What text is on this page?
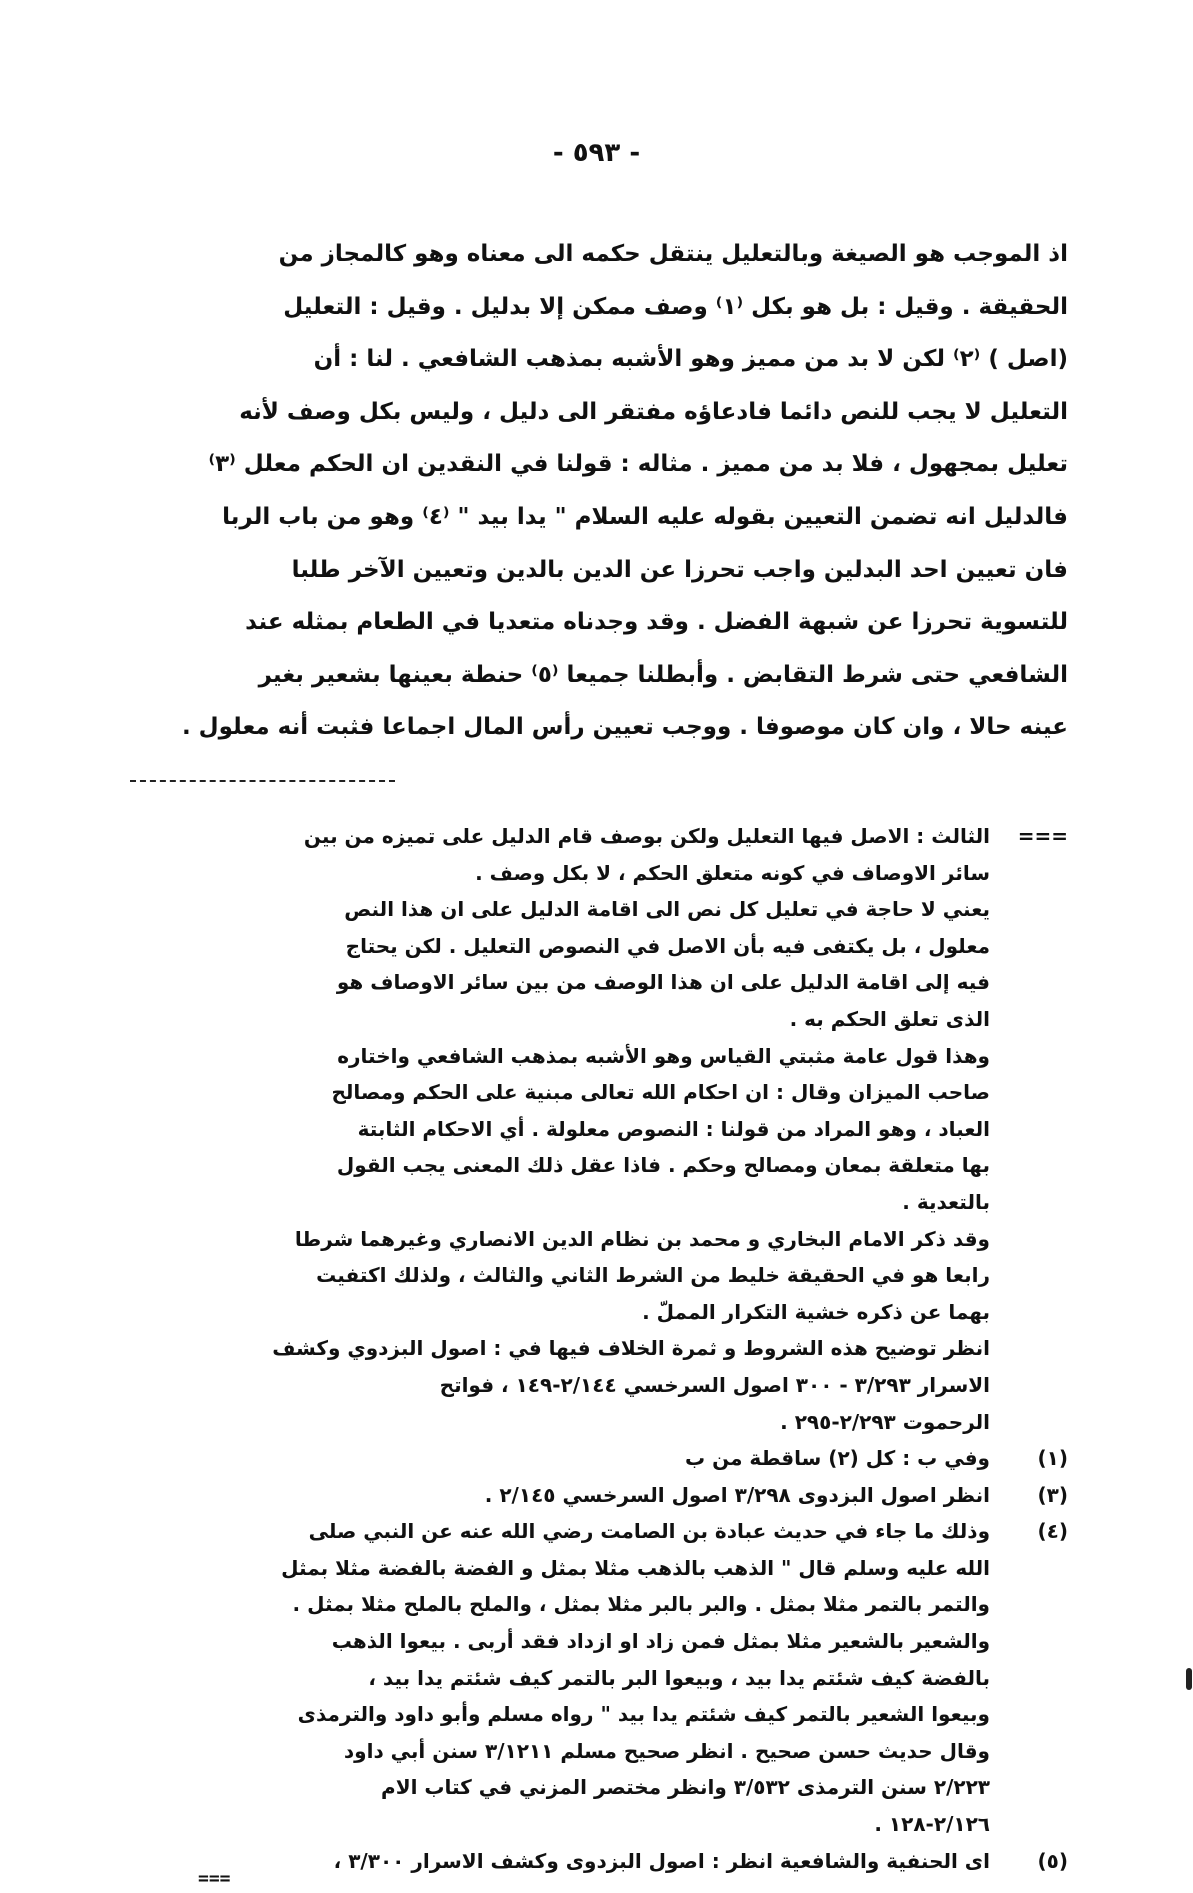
- ٥٩٣ -
اذ الموجب هو الصيغة وبالتعليل ينتقل حكمه الى معناه وهو كالمجاز من
الحقيقة . وقيل : بل هو بكل ⁽١⁾ وصف ممكن إلا بدليل . وقيل : التعليل
(اصل ) ⁽٢⁾ لكن لا بد من مميز وهو الأشبه بمذهب الشافعي . لنا : أن
التعليل لا يجب للنص دائما فادعاؤه مفتقر الى دليل ، وليس بكل وصف لأنه
تعليل بمجهول ، فلا بد من مميز . مثاله : قولنا في النقدين ان الحكم معلل ⁽٣⁾
فالدليل انه تضمن التعيين بقوله عليه السلام " يدا بيد " ⁽٤⁾ وهو من باب الربا
فان تعيين احد البدلين واجب تحرزا عن الدين بالدين وتعيين الآخر طلبا
للتسوية تحرزا عن شبهة الفضل . وقد وجدناه متعديا في الطعام بمثله عند
الشافعي حتى شرط التقابض . وأبطلنا جميعا ⁽٥⁾ حنطة بعينها بشعير بغير
عينه حالا ، وان كان موصوفا . ووجب تعيين رأس المال اجماعا فثبت أنه معلول .
===
الثالث : الاصل فيها التعليل ولكن بوصف قام الدليل على تميزه من بين
سائر الاوصاف في كونه متعلق الحكم ، لا بكل وصف .
يعني لا حاجة في تعليل كل نص الى اقامة الدليل على ان هذا النص
معلول ، بل يكتفى فيه بأن الاصل في النصوص التعليل . لكن يحتاج
فيه إلى اقامة الدليل على ان هذا الوصف من بين سائر الاوصاف هو
الذى تعلق الحكم به .
وهذا قول عامة مثبتي القياس وهو الأشبه بمذهب الشافعي واختاره
صاحب الميزان وقال : ان احكام الله تعالى مبنية على الحكم ومصالح
العباد ، وهو المراد من قولنا : النصوص معلولة . أي الاحكام الثابتة
بها متعلقة بمعان ومصالح وحكم . فاذا عقل ذلك المعنى يجب القول
بالتعدية .
وقد ذكر الامام البخاري و محمد بن نظام الدين الانصاري وغيرهما شرطا
رابعا هو في الحقيقة خليط من الشرط الثاني والثالث ، ولذلك اكتفيت
بهما عن ذكره خشية التكرار المملّ .
انظر توضيح هذه الشروط و ثمرة الخلاف فيها في : اصول البزدوي وكشف
الاسرار ٣/٢٩٣ - ٣٠٠ اصول السرخسي ٢/١٤٤-١٤٩ ، فواتح
الرحموت ٢/٢٩٣-٢٩٥ .
(١)
وفي ب : كل (٢) ساقطة من ب
(٣)
انظر اصول البزدوى ٣/٢٩٨ اصول السرخسي ٢/١٤٥ .
(٤)
وذلك ما جاء في حديث عبادة بن الصامت رضي الله عنه عن النبي صلى
الله عليه وسلم قال " الذهب بالذهب مثلا بمثل و الفضة بالفضة مثلا بمثل
والتمر بالتمر مثلا بمثل . والبر بالبر مثلا بمثل ، والملح بالملح مثلا بمثل .
والشعير بالشعير مثلا بمثل فمن زاد او ازداد فقد أربى . بيعوا الذهب
بالفضة كيف شئتم يدا بيد ، وبيعوا البر بالتمر كيف شئتم يدا بيد ،
وبيعوا الشعير بالتمر كيف شئتم يدا بيد " رواه مسلم وأبو داود والترمذى
وقال حديث حسن صحيح . انظر صحيح مسلم ٣/١٢١١ سنن أبي داود
٢/٢٢٣ سنن الترمذى ٣/٥٣٢ وانظر مختصر المزني في كتاب الام
٢/١٢٦-١٢٨ .
(٥)
اى الحنفية والشافعية انظر : اصول البزدوى وكشف الاسرار ٣/٣٠٠ ،
===
